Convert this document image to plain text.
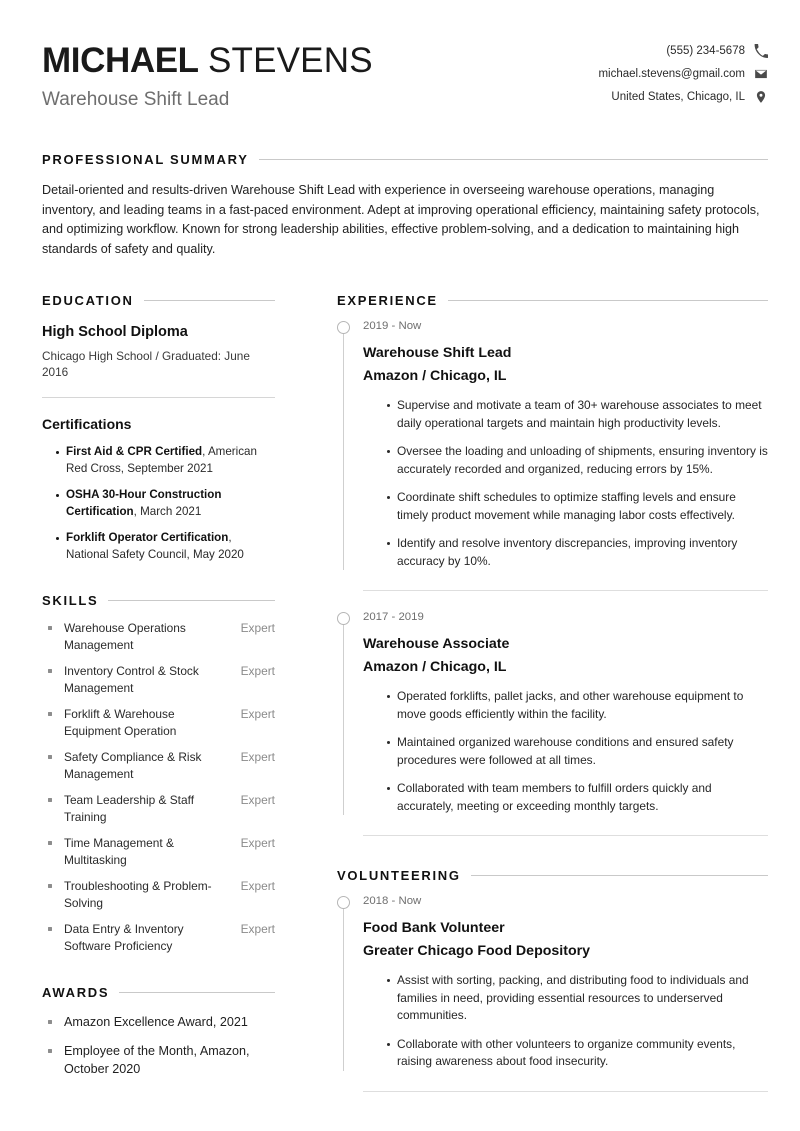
MICHAEL STEVENS
Warehouse Shift Lead
(555) 234-5678
michael.stevens@gmail.com
United States, Chicago, IL
PROFESSIONAL SUMMARY
Detail-oriented and results-driven Warehouse Shift Lead with experience in overseeing warehouse operations, managing inventory, and leading teams in a fast-paced environment. Adept at improving operational efficiency, maintaining safety protocols, and optimizing workflow. Known for strong leadership abilities, effective problem-solving, and a dedication to maintaining high standards of safety and quality.
EDUCATION
High School Diploma
Chicago High School / Graduated: June 2016
Certifications
First Aid & CPR Certified, American Red Cross, September 2021
OSHA 30-Hour Construction Certification, March 2021
Forklift Operator Certification, National Safety Council, May 2020
SKILLS
Warehouse Operations Management
Expert
Inventory Control & Stock Management
Expert
Forklift & Warehouse Equipment Operation
Expert
Safety Compliance & Risk Management
Expert
Team Leadership & Staff Training
Expert
Time Management & Multitasking
Expert
Troubleshooting & Problem-Solving
Expert
Data Entry & Inventory Software Proficiency
Expert
AWARDS
Amazon Excellence Award, 2021
Employee of the Month, Amazon, October 2020
EXPERIENCE
2019 - Now
Warehouse Shift Lead
Amazon / Chicago, IL
Supervise and motivate a team of 30+ warehouse associates to meet daily operational targets and maintain high productivity levels.
Oversee the loading and unloading of shipments, ensuring inventory is accurately recorded and organized, reducing errors by 15%.
Coordinate shift schedules to optimize staffing levels and ensure timely product movement while managing labor costs effectively.
Identify and resolve inventory discrepancies, improving inventory accuracy by 10%.
2017 - 2019
Warehouse Associate
Amazon / Chicago, IL
Operated forklifts, pallet jacks, and other warehouse equipment to move goods efficiently within the facility.
Maintained organized warehouse conditions and ensured safety procedures were followed at all times.
Collaborated with team members to fulfill orders quickly and accurately, meeting or exceeding monthly targets.
VOLUNTEERING
2018 - Now
Food Bank Volunteer
Greater Chicago Food Depository
Assist with sorting, packing, and distributing food to individuals and families in need, providing essential resources to underserved communities.
Collaborate with other volunteers to organize community events, raising awareness about food insecurity.
